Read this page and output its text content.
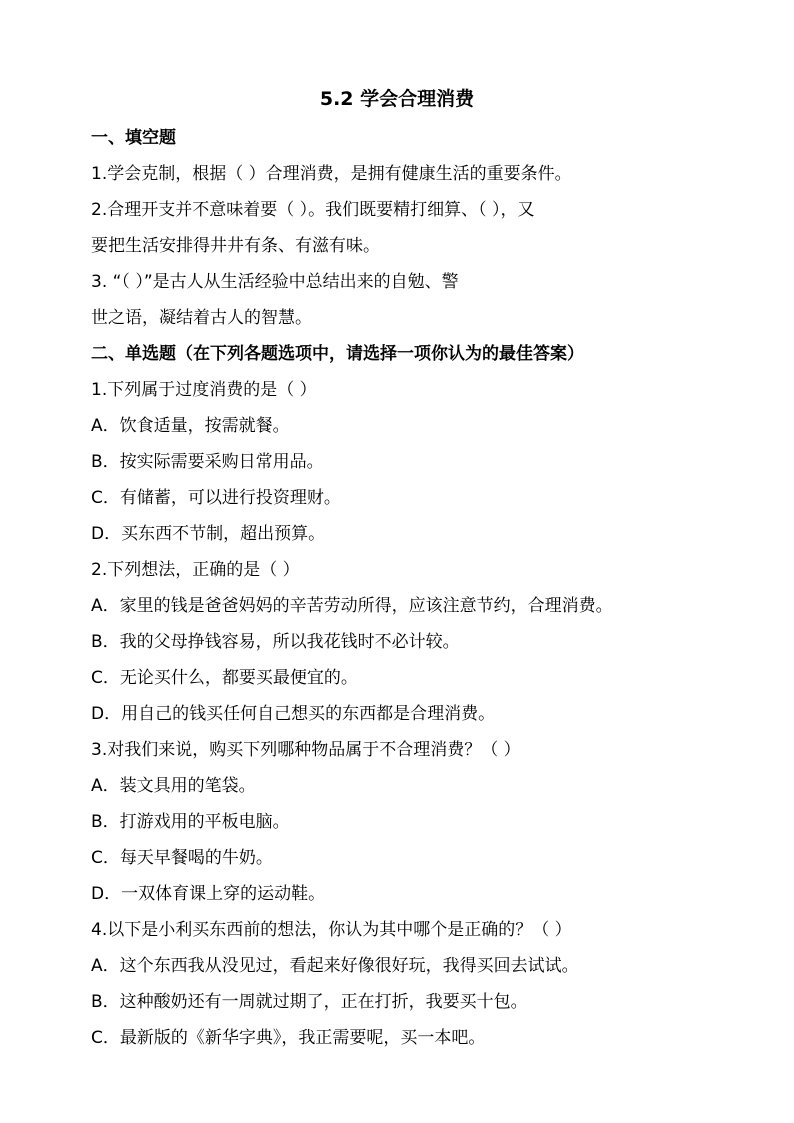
5.2 学会合理消费
一、填空题
1.学会克制，根据（ ）合理消费，是拥有健康生活的重要条件。
2.合理开支并不意味着要（ ）。我们既要精打细算、（ ），又
要把生活安排得井井有条、有滋有味。
3. “（ ）”是古人从生活经验中总结出来的自勉、警
世之语，凝结着古人的智慧。
二、单选题（在下列各题选项中，请选择一项你认为的最佳答案）
1.下列属于过度消费的是（ ）
A．饮食适量，按需就餐。
B．按实际需要采购日常用品。
C．有储蓄，可以进行投资理财。
D．买东西不节制，超出预算。
2.下列想法，正确的是（ ）
A．家里的钱是爸爸妈妈的辛苦劳动所得，应该注意节约，合理消费。
B．我的父母挣钱容易，所以我花钱时不必计较。
C．无论买什么，都要买最便宜的。
D．用自己的钱买任何自己想买的东西都是合理消费。
3.对我们来说，购买下列哪种物品属于不合理消费？（ ）
A．装文具用的笔袋。
B．打游戏用的平板电脑。
C．每天早餐喝的牛奶。
D．一双体育课上穿的运动鞋。
4.以下是小利买东西前的想法，你认为其中哪个是正确的？（ ）
A．这个东西我从没见过，看起来好像很好玩，我得买回去试试。
B．这种酸奶还有一周就过期了，正在打折，我要买十包。
C．最新版的《新华字典》，我正需要呢，买一本吧。
